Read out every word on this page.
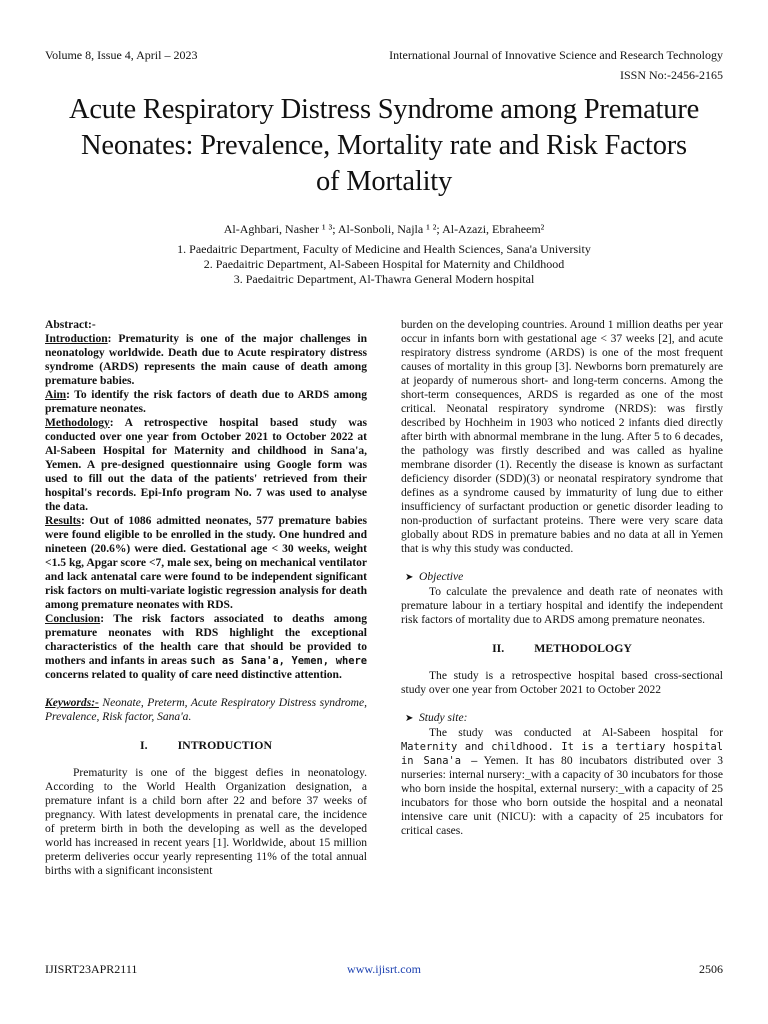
Volume 8, Issue 4, April – 2023	International Journal of Innovative Science and Research Technology
ISSN No:-2456-2165
Acute Respiratory Distress Syndrome among Premature
Neonates: Prevalence, Mortality rate and Risk Factors
of Mortality
Al-Aghbari, Nasher ¹ ³; Al-Sonboli, Najla ¹ ²; Al-Azazi, Ebraheem²
1. Paedaitric Department, Faculty of Medicine and Health Sciences, Sana'a University
2. Paedaitric Department, Al-Sabeen Hospital for Maternity and Childhood
3. Paedaitric Department, Al-Thawra General Modern hospital

Abstract:-

Introduction: Prematurity is one of the major challenges in neonatology worldwide. Death due to Acute respiratory distress syndrome (ARDS) represents the main cause of death among premature babies.

Aim: To identify the risk factors of death due to ARDS among premature neonates.

Methodology: A retrospective hospital based study was conducted over one year from October 2021 to October 2022 at Al-Sabeen Hospital for Maternity and childhood in Sana'a, Yemen. A pre-designed questionnaire using Google form was used to fill out the data of the patients' retrieved from their hospital's records. Epi-Info program No. 7 was used to analyse the data.

Results: Out of 1086 admitted neonates, 577 premature babies were found eligible to be enrolled in the study. One hundred and nineteen (20.6%) were died. Gestational age < 30 weeks, weight <1.5 kg, Apgar score <7, male sex, being on mechanical ventilator and lack antenatal care were found to be independent significant risk factors on multi-variate logistic regression analysis for death among premature neonates with RDS.

Conclusion: The risk factors associated to deaths among premature neonates with RDS highlight the exceptional characteristics of the health care that should be provided to mothers and infants in areas such as Sana'a, Yemen, where concerns related to quality of care need distinctive attention.

Keywords:- Neonate, Preterm, Acute Respiratory Distress syndrome, Prevalence, Risk factor, Sana'a.

I.	INTRODUCTION

Prematurity is one of the biggest defies in neonatology. According to the World Health Organization designation, a premature infant is a child born after 22 and before 37 weeks of pregnancy. With latest developments in prenatal care, the incidence of preterm birth in both the developing as well as the developed world has increased in recent years [1]. Worldwide, about 15 million preterm deliveries occur yearly representing 11% of the total annual births with a significant inconsistent

burden on the developing countries. Around 1 million deaths per year occur in infants born with gestational age < 37 weeks [2], and acute respiratory distress syndrome (ARDS) is one of the most frequent causes of mortality in this group [3]. Newborns born prematurely are at jeopardy of numerous short- and long-term concerns. Among the short-term consequences, ARDS is regarded as one of the most critical. Neonatal respiratory syndrome (NRDS): was firstly described by Hochheim in 1903 who noticed 2 infants died directly after birth with abnormal membrane in the lung. After 5 to 6 decades, the pathology was firstly described and was called as hyaline membrane disorder (1). Recently the disease is known as surfactant deficiency disorder (SDD)(3) or neonatal respiratory syndrome that defines as a syndrome caused by immaturity of lung due to either insufficiency of surfactant production or genetic disorder leading to non-production of surfactant proteins. There were very scare data globally about RDS in premature babies and no data at all in Yemen that is why this study was conducted.

➤ Objective

To calculate the prevalence and death rate of neonates with premature labour in a tertiary hospital and identify the independent risk factors of mortality due to ARDS among premature neonates.

II.	METHODOLOGY

The study is a retrospective hospital based cross-sectional study over one year from October 2021 to October 2022

➤ Study site:

The study was conducted at Al-Sabeen hospital for Maternity and childhood. It is a tertiary hospital in Sana'a – Yemen. It has 80 incubators distributed over 3 nurseries: internal nursery:_with a capacity of 30 incubators for those who born inside the hospital, external nursery:_with a capacity of 25 incubators for those who born outside the hospital and a neonatal intensive care unit (NICU): with a capacity of 25 incubators for critical cases.

IJISRT23APR2111	www.ijisrt.com	2506
